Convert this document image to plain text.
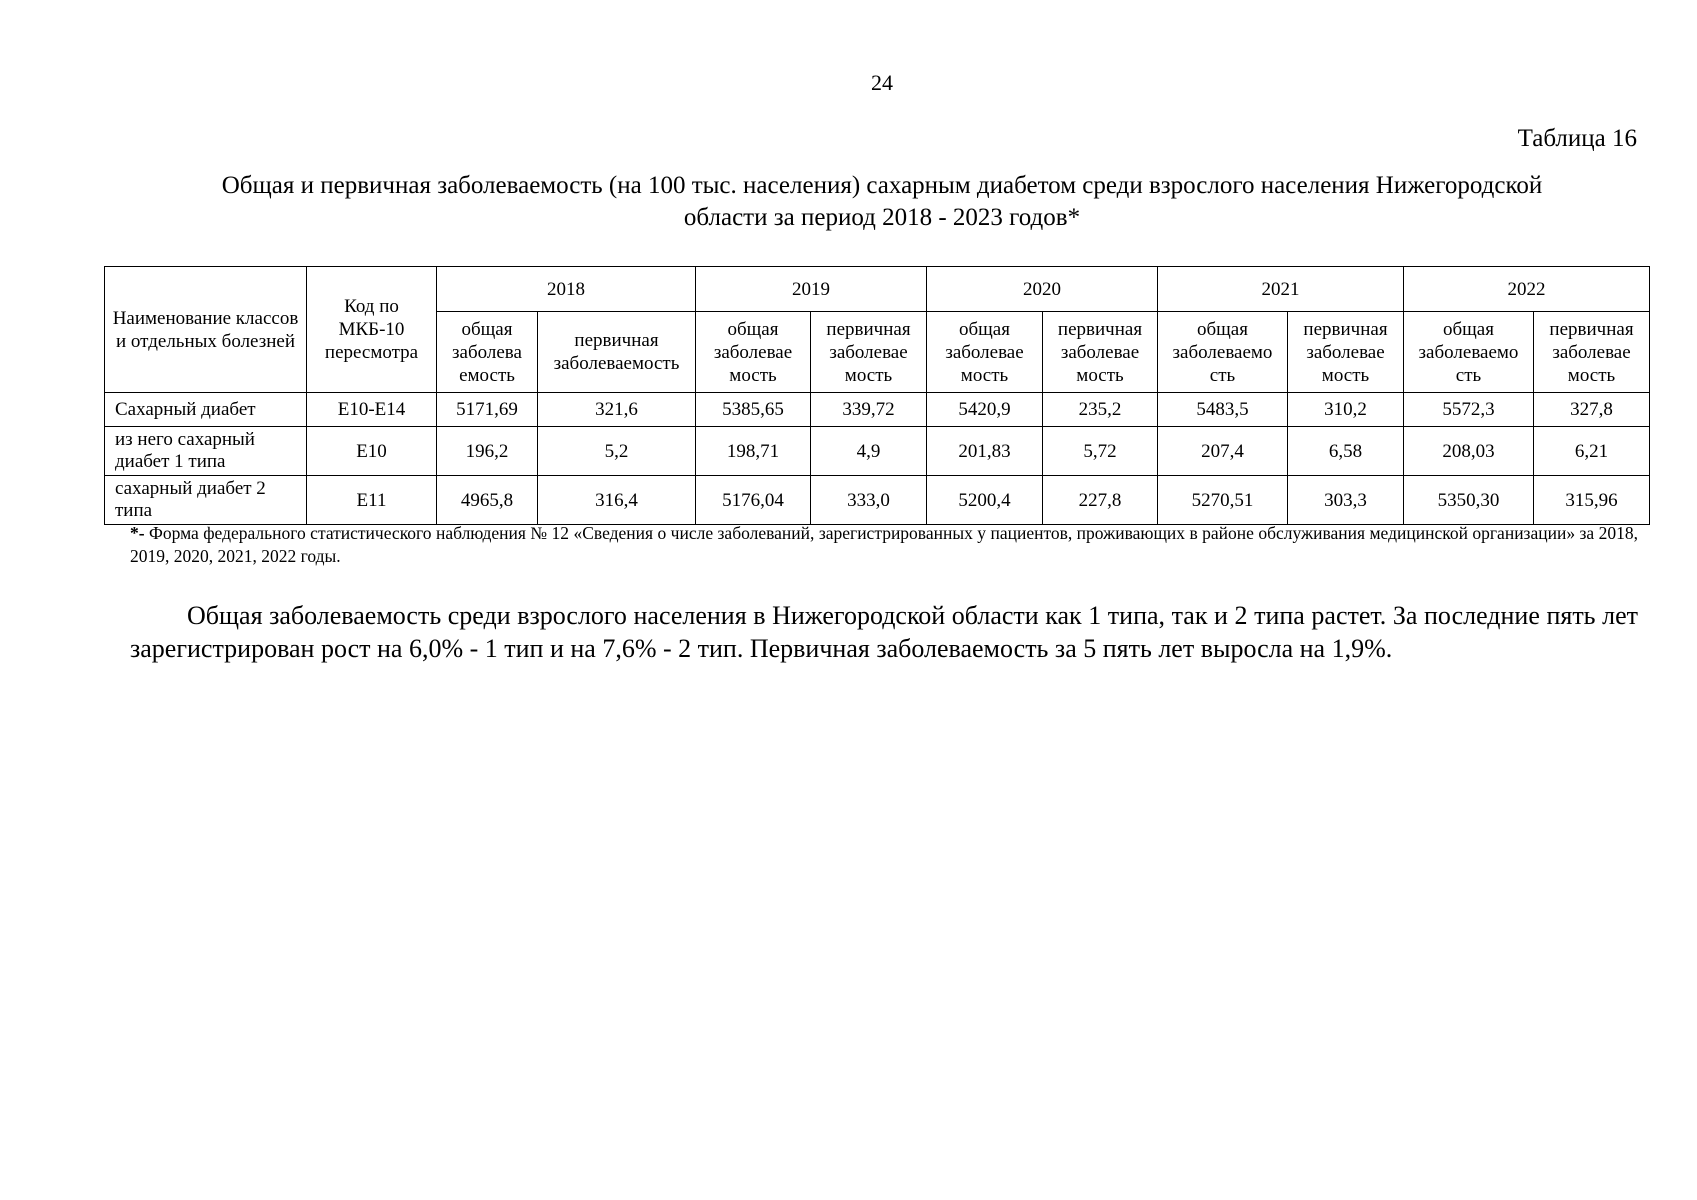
24
Таблица 16
Общая и первичная заболеваемость (на 100 тыс. населения) сахарным диабетом среди взрослого населения Нижегородской
области за период 2018 - 2023 годов*
Наименование классов и отдельных болезней	Код по МКБ-10 пересмотра	2018		2019		2020		2021		2022	
		общая заболева емость	первичная заболеваемость	общая заболевае мость	первичная заболевае мость	общая заболевае мость	первичная заболевае мость	общая заболеваемо сть	первичная заболевае мость	общая заболеваемо сть	первичная заболевае мость
Сахарный диабет	E10-E14	5171,69	321,6	5385,65	339,72	5420,9	235,2	5483,5	310,2	5572,3	327,8
из него сахарный диабет 1 типа	E10	196,2	5,2	198,71	4,9	201,83	5,72	207,4	6,58	208,03	6,21
сахарный диабет 2 типа	E11	4965,8	316,4	5176,04	333,0	5200,4	227,8	5270,51	303,3	5350,30	315,96
*- Форма федерального статистического наблюдения № 12 «Сведения о числе заболеваний, зарегистрированных у пациентов, проживающих в районе обслуживания медицинской организации» за 2018, 2019, 2020, 2021, 2022 годы.
Общая заболеваемость среди взрослого населения в Нижегородской области как 1 типа, так и 2 типа растет. За последние пять лет зарегистрирован рост на 6,0% - 1 тип и на 7,6% - 2 тип. Первичная заболеваемость за 5 пять лет выросла на 1,9%.
